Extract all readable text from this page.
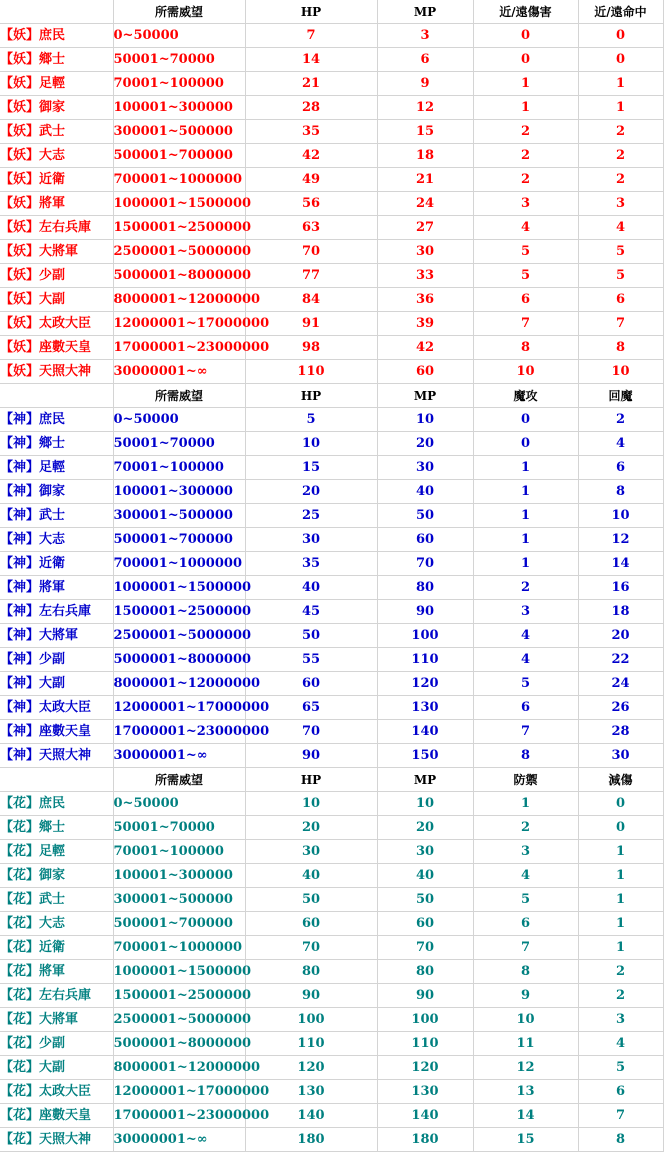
	所需威望	HP	MP	近/遠傷害	近/遠命中
【妖】庶民	0~50000	7	3	0	0
【妖】鄉士	50001~70000	14	6	0	0
【妖】足輕	70001~100000	21	9	1	1
【妖】御家	100001~300000	28	12	1	1
【妖】武士	300001~500000	35	15	2	2
【妖】大志	500001~700000	42	18	2	2
【妖】近衛	700001~1000000	49	21	2	2
【妖】將軍	1000001~1500000	56	24	3	3
【妖】左右兵庫	1500001~2500000	63	27	4	4
【妖】大將軍	2500001~5000000	70	30	5	5
【妖】少副	5000001~8000000	77	33	5	5
【妖】大副	8000001~12000000	84	36	6	6
【妖】太政大臣	12000001~17000000	91	39	7	7
【妖】座數天皇	17000001~23000000	98	42	8	8
【妖】天照大神	30000001~∞	110	60	10	10
	所需威望	HP	MP	魔攻	回魔
【神】庶民	0~50000	5	10	0	2
【神】鄉士	50001~70000	10	20	0	4
【神】足輕	70001~100000	15	30	1	6
【神】御家	100001~300000	20	40	1	8
【神】武士	300001~500000	25	50	1	10
【神】大志	500001~700000	30	60	1	12
【神】近衛	700001~1000000	35	70	1	14
【神】將軍	1000001~1500000	40	80	2	16
【神】左右兵庫	1500001~2500000	45	90	3	18
【神】大將軍	2500001~5000000	50	100	4	20
【神】少副	5000001~8000000	55	110	4	22
【神】大副	8000001~12000000	60	120	5	24
【神】太政大臣	12000001~17000000	65	130	6	26
【神】座數天皇	17000001~23000000	70	140	7	28
【神】天照大神	30000001~∞	90	150	8	30
	所需威望	HP	MP	防禦	減傷
【花】庶民	0~50000	10	10	1	0
【花】鄉士	50001~70000	20	20	2	0
【花】足輕	70001~100000	30	30	3	1
【花】御家	100001~300000	40	40	4	1
【花】武士	300001~500000	50	50	5	1
【花】大志	500001~700000	60	60	6	1
【花】近衛	700001~1000000	70	70	7	1
【花】將軍	1000001~1500000	80	80	8	2
【花】左右兵庫	1500001~2500000	90	90	9	2
【花】大將軍	2500001~5000000	100	100	10	3
【花】少副	5000001~8000000	110	110	11	4
【花】大副	8000001~12000000	120	120	12	5
【花】太政大臣	12000001~17000000	130	130	13	6
【花】座數天皇	17000001~23000000	140	140	14	7
【花】天照大神	30000001~∞	180	180	15	8
